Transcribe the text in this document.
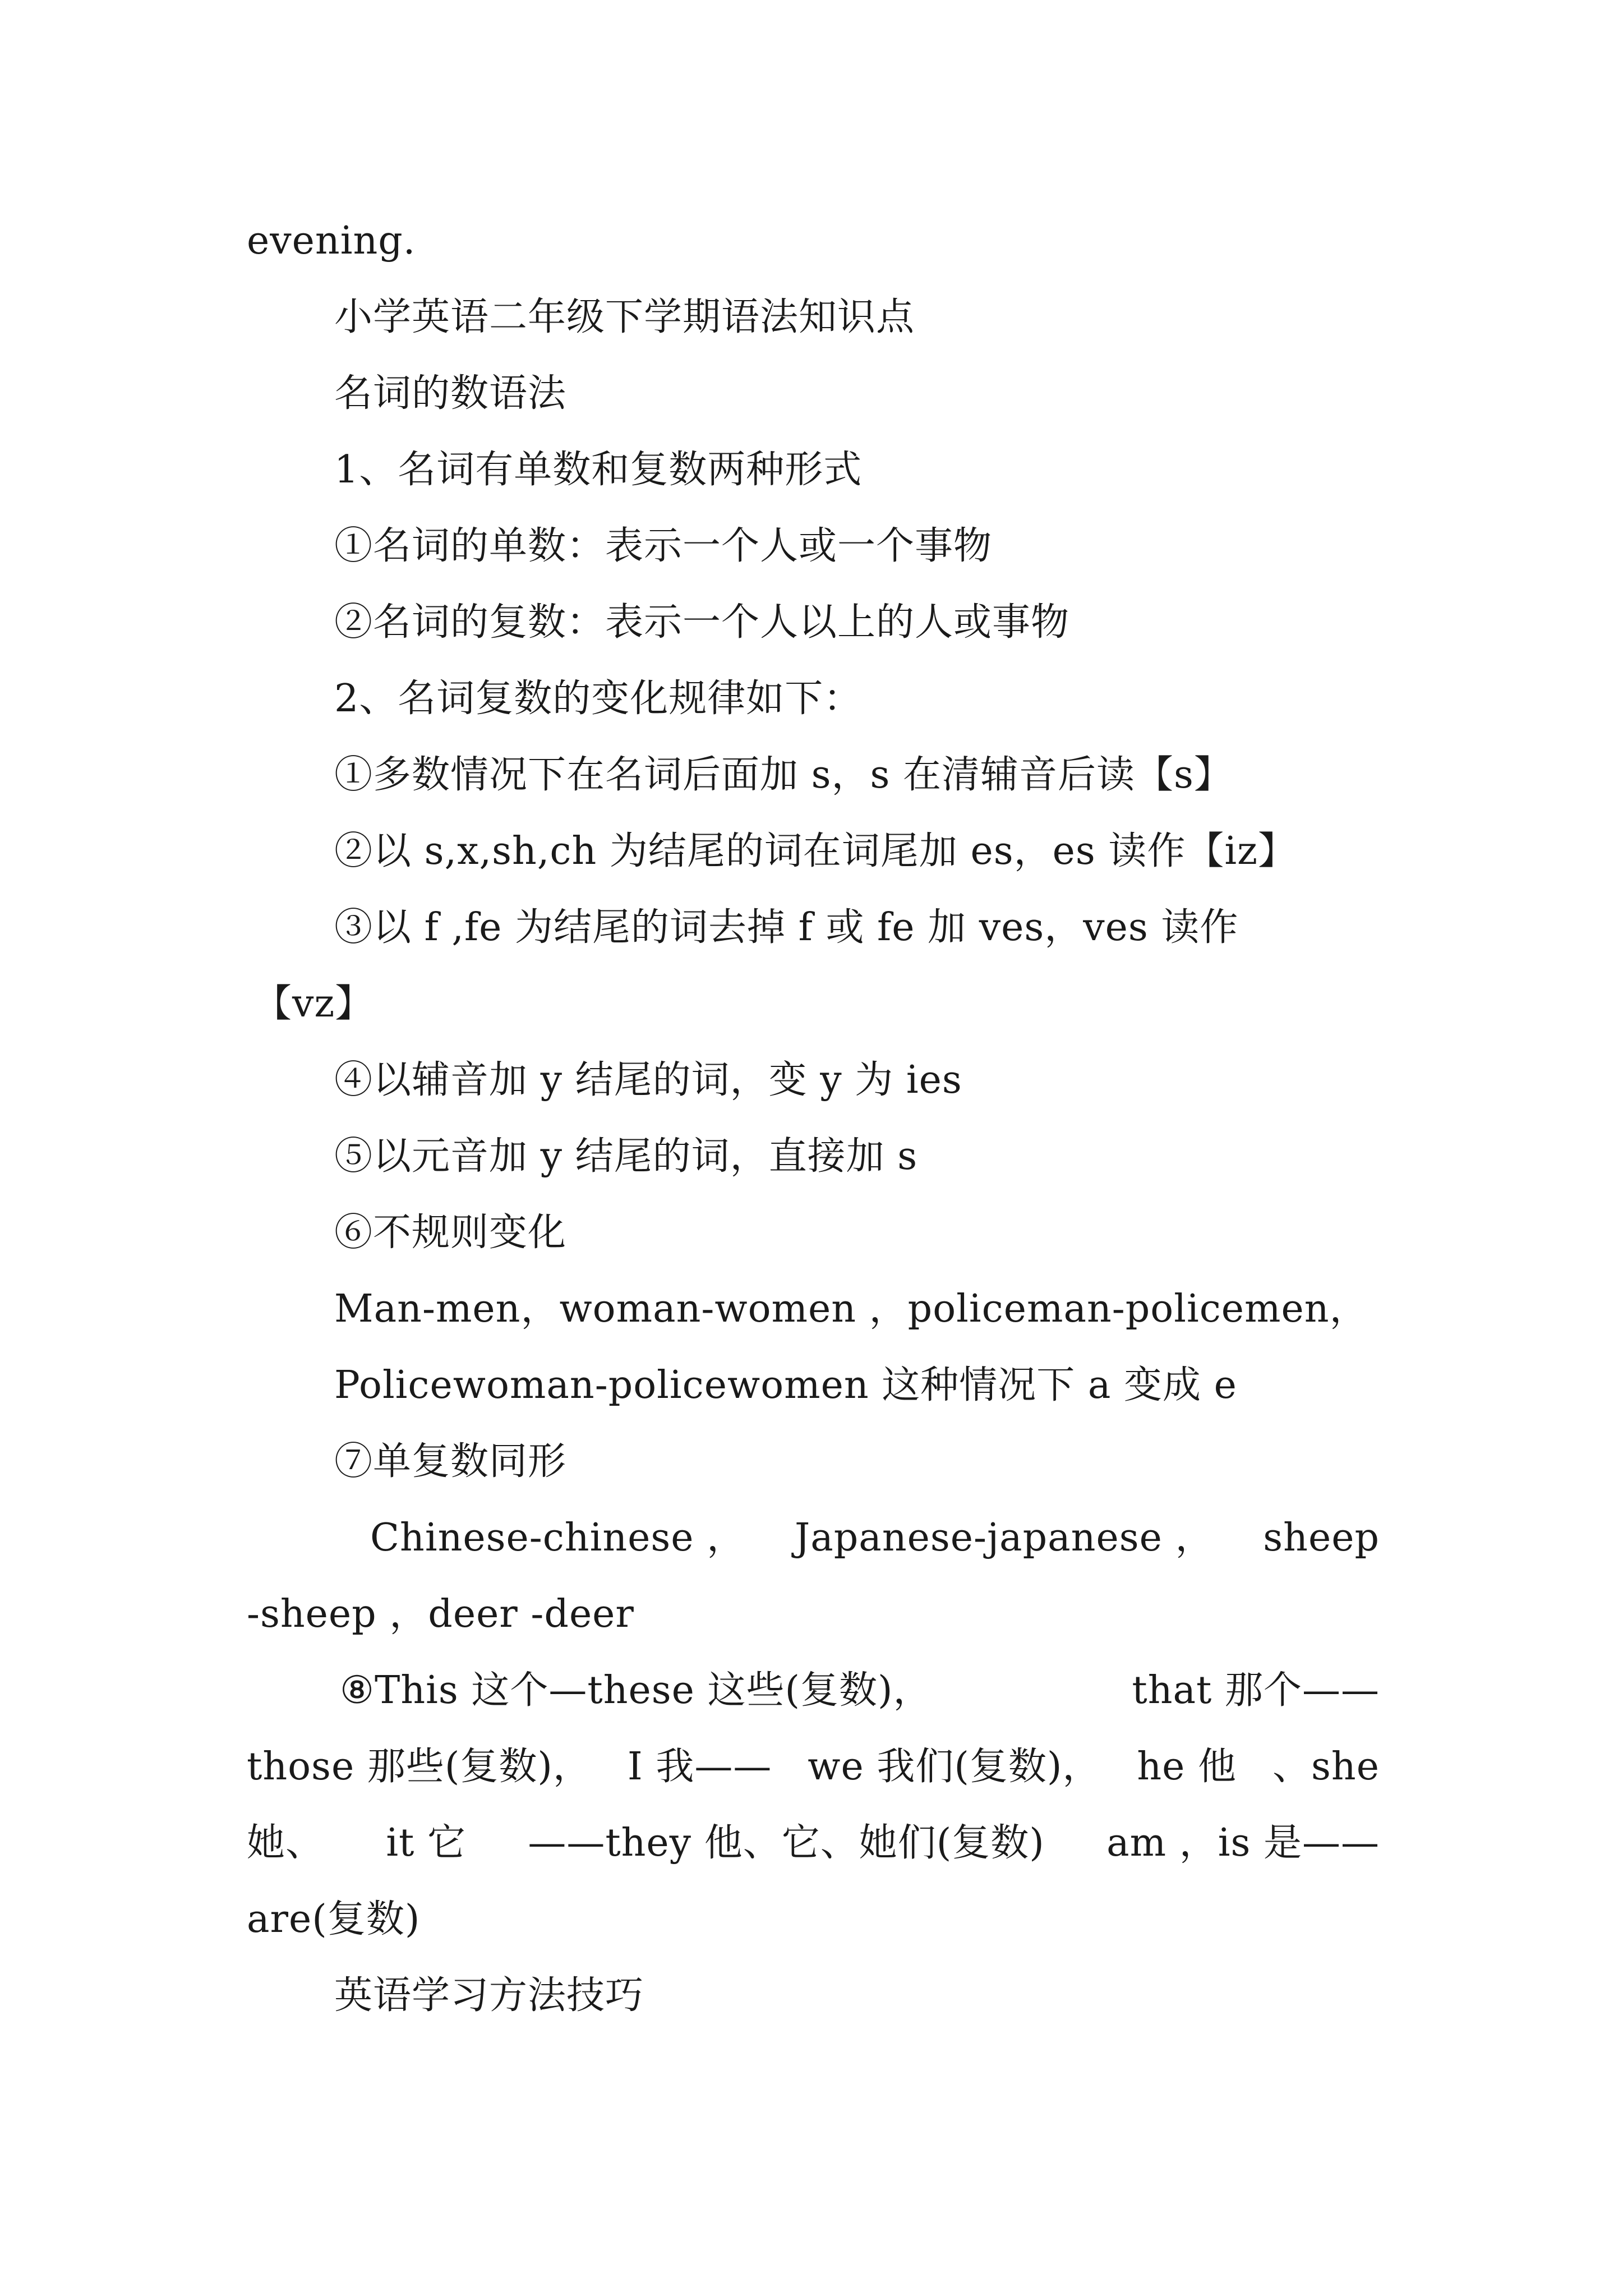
evening.
小学英语二年级下学期语法知识点
名词的数语法
1、名词有单数和复数两种形式
①名词的单数：表示一个人或一个事物
②名词的复数：表示一个人以上的人或事物
2、名词复数的变化规律如下：
①多数情况下在名词后面加 s，s 在清辅音后读【s】
②以 s,x,sh,ch 为结尾的词在词尾加 es，es 读作【iz】
③以 f ,fe 为结尾的词去掉 f 或 fe 加 ves，ves 读作
【vz】
④以辅音加 y 结尾的词，变 y 为 ies
⑤以元音加 y 结尾的词，直接加 s
⑥不规则变化
Man-men，woman-women ，policeman-policemen，
Policewoman-policewomen 这种情况下 a 变成 e
⑦单复数同形
Chinese-chinese ， Japanese-japanese ， sheep
-sheep ，deer -deer
⑧This 这个—these 这些(复数)，	that 那个——
those 那些(复数)， I 我—— we 我们(复数)， he 他 、she
她、 it 它 ——they 他、它、她们(复数) am ，is 是——
are(复数)
英语学习方法技巧
